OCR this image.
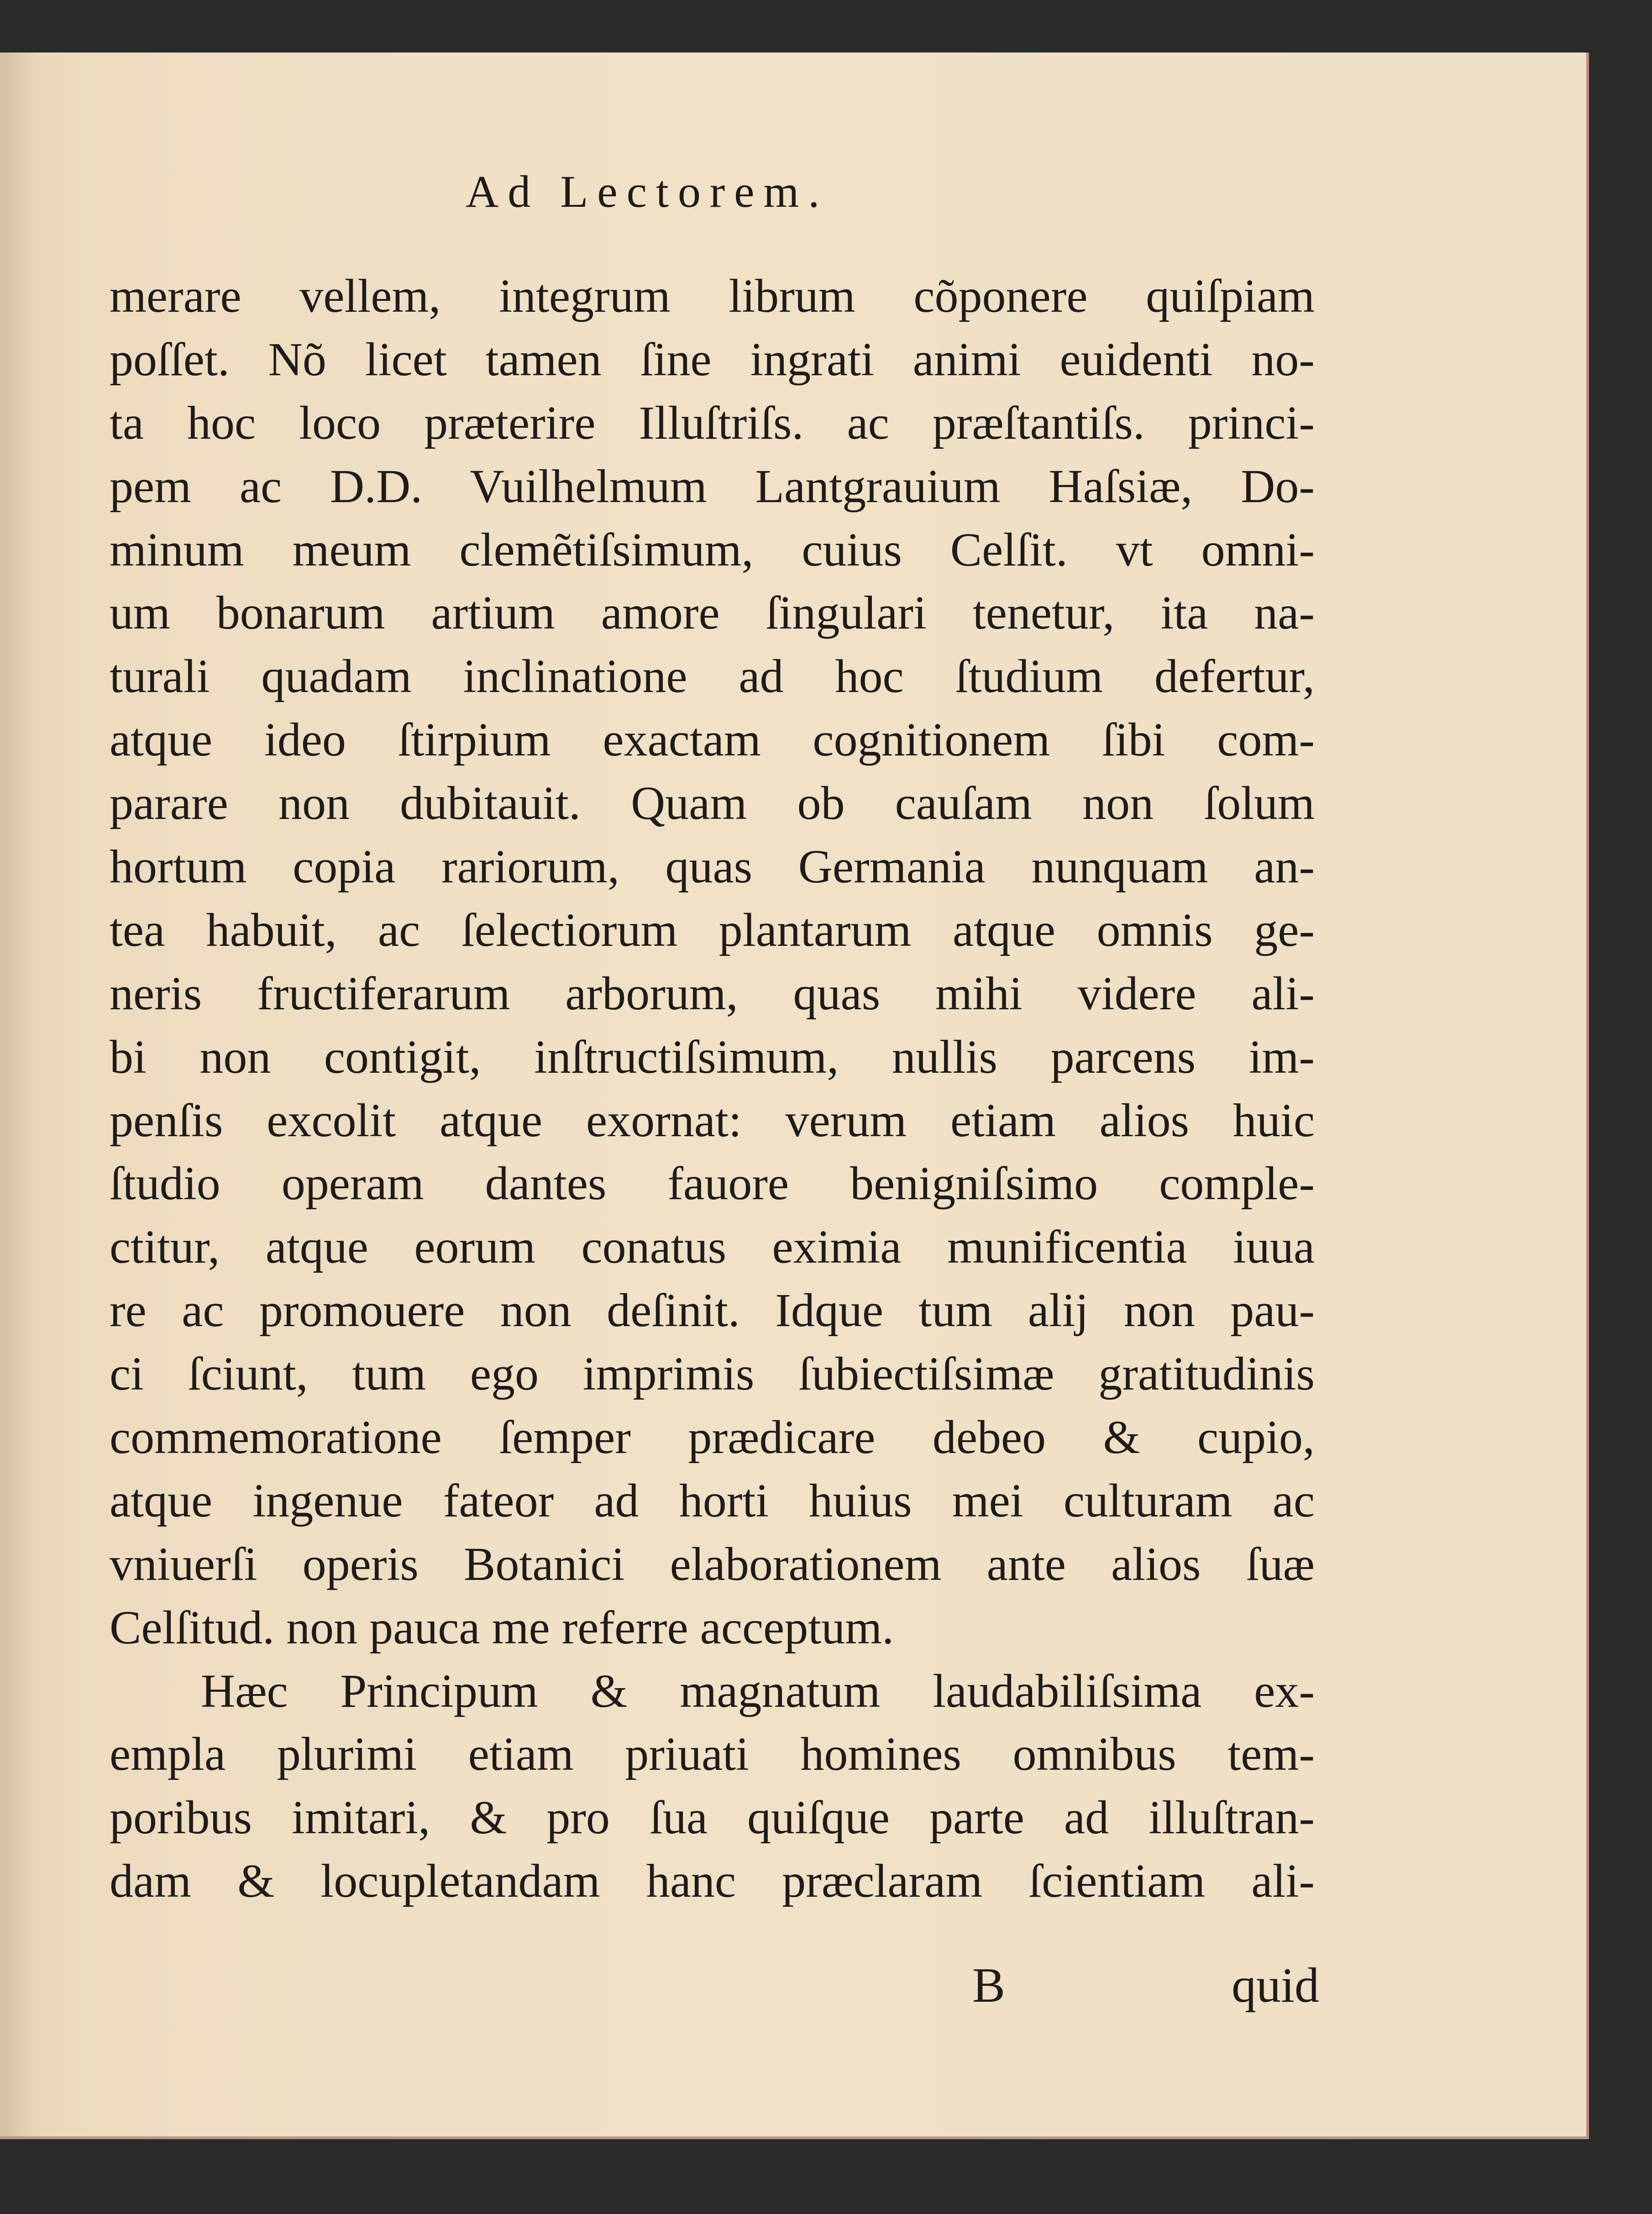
Ad Lectorem.
merare vellem, integrum librum cõponere quiſpiam
poſſet. Nõ licet tamen ſine ingrati animi euidenti no-
ta hoc loco præterire Illuſtriſs. ac præſtantiſs. princi-
pem ac D.D. Vuilhelmum Lantgrauium Haſsiæ, Do-
minum meum clemẽtiſsimum, cuius Celſit. vt omni-
um bonarum artium amore ſingulari tenetur, ita na-
turali quadam inclinatione ad hoc ſtudium defertur,
atque ideo ſtirpium exactam cognitionem ſibi com-
parare non dubitauit. Quam ob cauſam non ſolum
hortum copia rariorum, quas Germania nunquam an-
tea habuit, ac ſelectiorum plantarum atque omnis ge-
neris fructiferarum arborum, quas mihi videre ali-
bi non contigit, inſtructiſsimum, nullis parcens im-
penſis excolit atque exornat: verum etiam alios huic
ſtudio operam dantes fauore benigniſsimo comple-
ctitur, atque eorum conatus eximia munificentia iuua
re ac promouere non deſinit. Idque tum alij non pau-
ci ſciunt, tum ego imprimis ſubiectiſsimæ gratitudinis
commemoratione ſemper prædicare debeo & cupio,
atque ingenue fateor ad horti huius mei culturam ac
vniuerſi operis Botanici elaborationem ante alios ſuæ
Celſitud. non pauca me referre acceptum.
Hæc Principum & magnatum laudabiliſsima ex-
empla plurimi etiam priuati homines omnibus tem-
poribus imitari, & pro ſua quiſque parte ad illuſtran-
dam & locupletandam hanc præclaram ſcientiam ali-
B	quid
